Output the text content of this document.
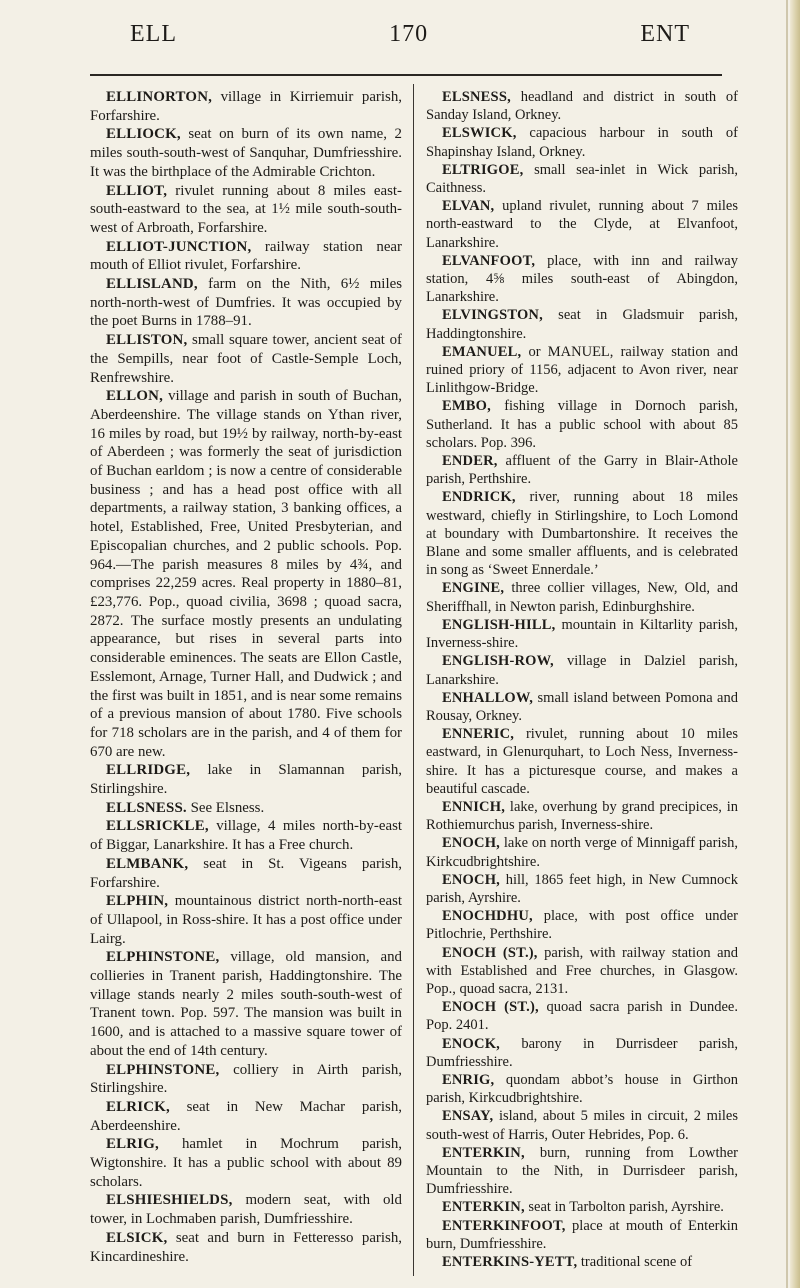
ELL	170	ENT

ELLINORTON, village in Kirriemuir parish, Forfarshire.

ELLIOCK, seat on burn of its own name, 2 miles south-south-west of Sanquhar, Dumfriesshire. It was the birthplace of the Admirable Crichton.

ELLIOT, rivulet running about 8 miles east-south-eastward to the sea, at 1½ mile south-south-west of Arbroath, Forfarshire.

ELLIOT-JUNCTION, railway station near mouth of Elliot rivulet, Forfarshire.

ELLISLAND, farm on the Nith, 6½ miles north-north-west of Dumfries. It was occupied by the poet Burns in 1788–91.

ELLISTON, small square tower, ancient seat of the Sempills, near foot of Castle-Semple Loch, Renfrewshire.

ELLON, village and parish in south of Buchan, Aberdeenshire. The village stands on Ythan river, 16 miles by road, but 19½ by railway, north-by-east of Aberdeen ; was formerly the seat of jurisdiction of Buchan earldom ; is now a centre of considerable business ; and has a head post office with all departments, a railway station, 3 banking offices, a hotel, Established, Free, United Presbyterian, and Episcopalian churches, and 2 public schools. Pop. 964.—The parish measures 8 miles by 4¾, and comprises 22,259 acres. Real property in 1880–81, £23,776. Pop., quoad civilia, 3698 ; quoad sacra, 2872. The surface mostly presents an undulating appearance, but rises in several parts into considerable eminences. The seats are Ellon Castle, Esslemont, Arnage, Turner Hall, and Dudwick ; and the first was built in 1851, and is near some remains of a previous mansion of about 1780. Five schools for 718 scholars are in the parish, and 4 of them for 670 are new.

ELLRIDGE, lake in Slamannan parish, Stirlingshire.

ELLSNESS. See Elsness.

ELLSRICKLE, village, 4 miles north-by-east of Biggar, Lanarkshire. It has a Free church.

ELMBANK, seat in St. Vigeans parish, Forfarshire.

ELPHIN, mountainous district north-north-east of Ullapool, in Ross-shire. It has a post office under Lairg.

ELPHINSTONE, village, old mansion, and collieries in Tranent parish, Haddingtonshire. The village stands nearly 2 miles south-south-west of Tranent town. Pop. 597. The mansion was built in 1600, and is attached to a massive square tower of about the end of 14th century.

ELPHINSTONE, colliery in Airth parish, Stirlingshire.

ELRICK, seat in New Machar parish, Aberdeenshire.

ELRIG, hamlet in Mochrum parish, Wigtonshire. It has a public school with about 89 scholars.

ELSHIESHIELDS, modern seat, with old tower, in Lochmaben parish, Dumfriesshire.

ELSICK, seat and burn in Fetteresso parish, Kincardineshire.

ELSNESS, headland and district in south of Sanday Island, Orkney.

ELSWICK, capacious harbour in south of Shapinshay Island, Orkney.

ELTRIGOE, small sea-inlet in Wick parish, Caithness.

ELVAN, upland rivulet, running about 7 miles north-eastward to the Clyde, at Elvanfoot, Lanarkshire.

ELVANFOOT, place, with inn and railway station, 4⅝ miles south-east of Abingdon, Lanarkshire.

ELVINGSTON, seat in Gladsmuir parish, Haddingtonshire.

EMANUEL, or MANUEL, railway station and ruined priory of 1156, adjacent to Avon river, near Linlithgow-Bridge.

EMBO, fishing village in Dornoch parish, Sutherland. It has a public school with about 85 scholars. Pop. 396.

ENDER, affluent of the Garry in Blair-Athole parish, Perthshire.

ENDRICK, river, running about 18 miles westward, chiefly in Stirlingshire, to Loch Lomond at boundary with Dumbartonshire. It receives the Blane and some smaller affluents, and is celebrated in song as ‘Sweet Ennerdale.’

ENGINE, three collier villages, New, Old, and Sheriffhall, in Newton parish, Edinburghshire.

ENGLISH-HILL, mountain in Kiltarlity parish, Inverness-shire.

ENGLISH-ROW, village in Dalziel parish, Lanarkshire.

ENHALLOW, small island between Pomona and Rousay, Orkney.

ENNERIC, rivulet, running about 10 miles eastward, in Glenurquhart, to Loch Ness, Inverness-shire. It has a picturesque course, and makes a beautiful cascade.

ENNICH, lake, overhung by grand precipices, in Rothiemurchus parish, Inverness-shire.

ENOCH, lake on north verge of Minnigaff parish, Kirkcudbrightshire.

ENOCH, hill, 1865 feet high, in New Cumnock parish, Ayrshire.

ENOCHDHU, place, with post office under Pitlochrie, Perthshire.

ENOCH (ST.), parish, with railway station and with Established and Free churches, in Glasgow. Pop., quoad sacra, 2131.

ENOCH (ST.), quoad sacra parish in Dundee. Pop. 2401.

ENOCK, barony in Durrisdeer parish, Dumfriesshire.

ENRIG, quondam abbot’s house in Girthon parish, Kirkcudbrightshire.

ENSAY, island, about 5 miles in circuit, 2 miles south-west of Harris, Outer Hebrides, Pop. 6.

ENTERKIN, burn, running from Lowther Mountain to the Nith, in Durrisdeer parish, Dumfriesshire.

ENTERKIN, seat in Tarbolton parish, Ayrshire.

ENTERKINFOOT, place at mouth of Enterkin burn, Dumfriesshire.

ENTERKINS-YETT, traditional scene of
